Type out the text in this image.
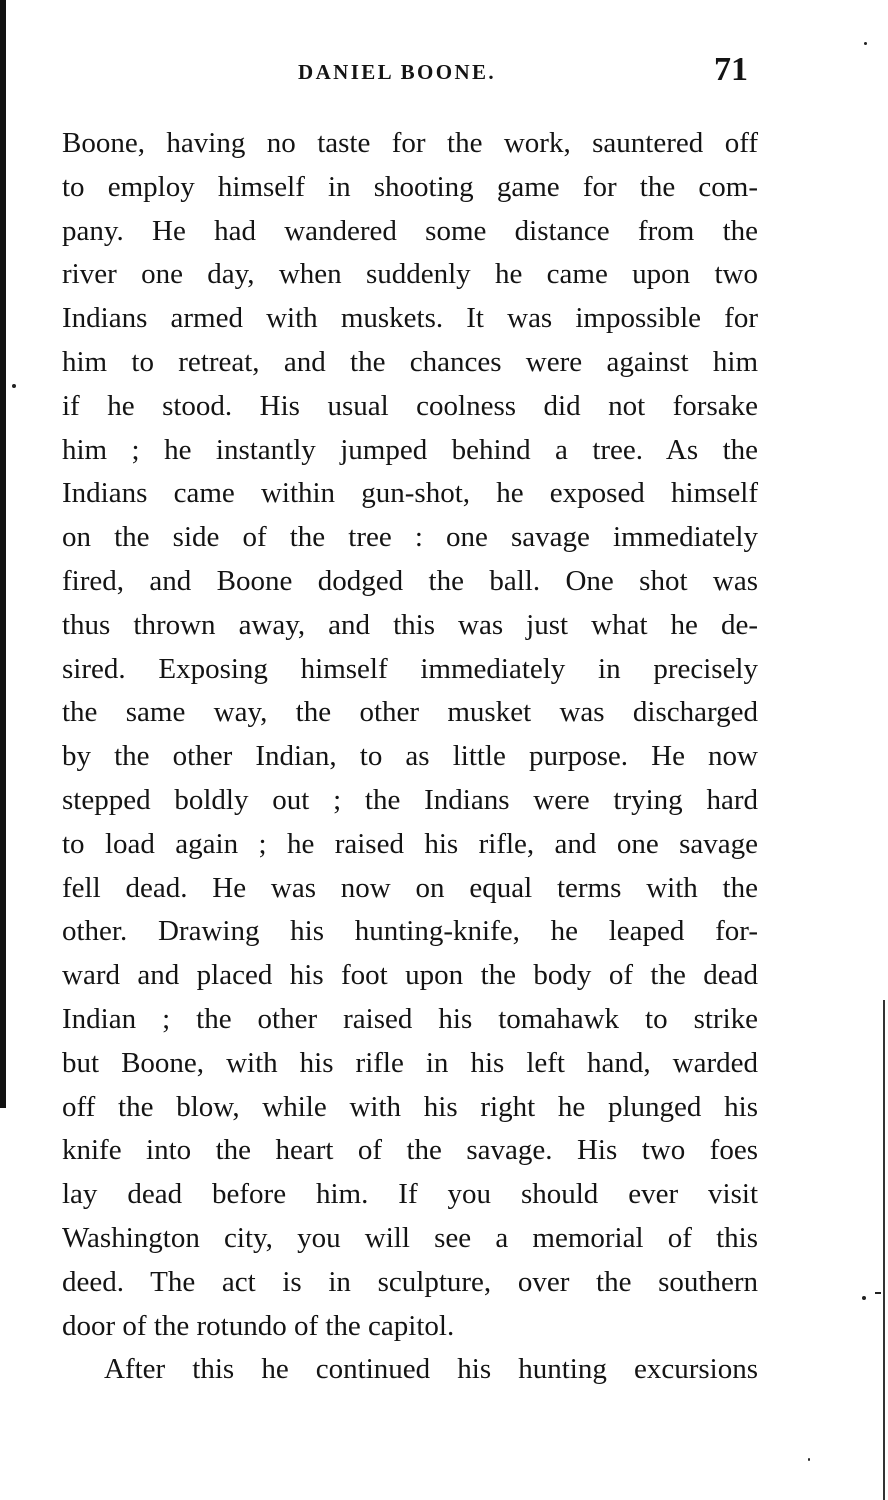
DANIEL BOONE.	71
Boone, having no taste for the work, sauntered off
to employ himself in shooting game for the com-
pany. He had wandered some distance from the
river one day, when suddenly he came upon two
Indians armed with muskets. It was impossible for
him to retreat, and the chances were against him
if he stood. His usual coolness did not forsake
him ; he instantly jumped behind a tree. As the
Indians came within gun-shot, he exposed himself
on the side of the tree : one savage immediately
fired, and Boone dodged the ball. One shot was
thus thrown away, and this was just what he de-
sired. Exposing himself immediately in precisely
the same way, the other musket was discharged
by the other Indian, to as little purpose. He now
stepped boldly out ; the Indians were trying hard
to load again ; he raised his rifle, and one savage
fell dead. He was now on equal terms with the
other. Drawing his hunting-knife, he leaped for-
ward and placed his foot upon the body of the dead
Indian ; the other raised his tomahawk to strike
but Boone, with his rifle in his left hand, warded
off the blow, while with his right he plunged his
knife into the heart of the savage. His two foes
lay dead before him. If you should ever visit
Washington city, you will see a memorial of this
deed. The act is in sculpture, over the southern
door of the rotundo of the capitol.
After this he continued his hunting excursions
